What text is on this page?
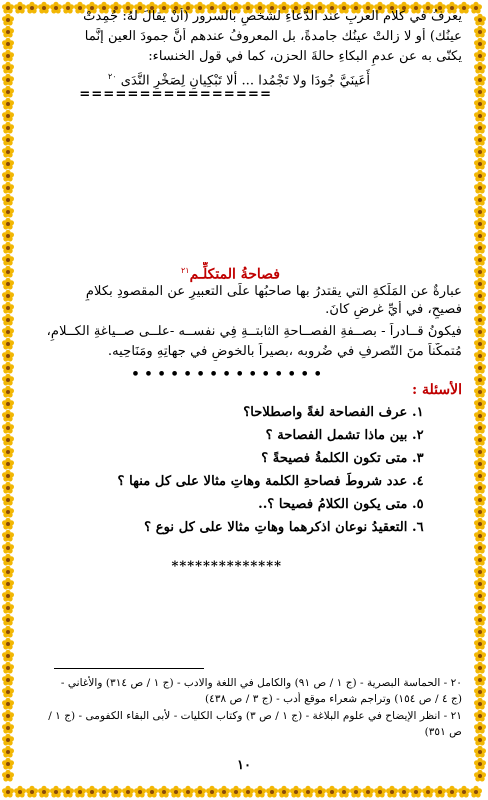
يعرفُ في كلام العربِ عند الدُّعاءِ لشخصٍ بالسرور (أنْ يقالَ لهُ: جُمِدتْ
عينُك) أو لا زالتْ عينُك جامدةً، بل المعروفُ عندهم أنَّ جمودَ العين إنَّما
يكنّى به عن عدمِ البكاءِ حالةَ الحزن، كما في قول الخنساء:
أَعَينَيَّ جُودَا ولا تَجْمُدا ... ألا تَبْكِيانِ لِصَخْرِ النَّدَى $^{٢٠}$
================
فصاحةُ المتكلِّـم$^{٢١}$
عبارةٌ عن المَلَكةِ التي يقتدرُ بها صاحبُها علَى التعبيرِ عن المقصودِ بكلامٍ
فصيحٍ، في أيِّ غرضٍ كانَ.
فيكونُ قــادراً - بصــفةِ الفصــاحةِ الثابتــةِ فِي نفســه -علــى صــياغةِ الكــلامِ،
مُتمكّناً منَ التّصرفِ في ضُروبه ،بصيراً بالخوضِ في جهاتِهِ ومَنَاحِيه.
• • • • • • • • • • • • • • •
الأسئلة :
١. عرف الفصاحة لغةً واصطلاحا؟
٢. بين ماذا تشمل الفصاحة ؟
٣. متى تكون الكلمةُ فصيحةً ؟
٤. عدد شروطَ فصاحةِ الكلمة وهاتِ مثالا على كل منها ؟
٥. متى يكون الكلامُ فصيحا ؟..
٦. التعقيدُ نوعان اذكرهما وهاتِ مثالا على كل نوع ؟
**************
٢٠ - الحماسة البصرية - (ج ١ / ص ٩١) والكامل في اللغة والادب - (ج ١ / ص ٣١٤) والأغاني -
(ج ٤ / ص ١٥٤) وتراجم شعراء موقع أدب - (ج ٣ / ص ٤٣٨)
٢١ - انظر الإيضاح في علوم البلاغة - (ج ١ / ص ٣) وكتاب الكليات - لأبى البقاء الكفومى - (ج ١ /
ص ٣٥١)
١٠
